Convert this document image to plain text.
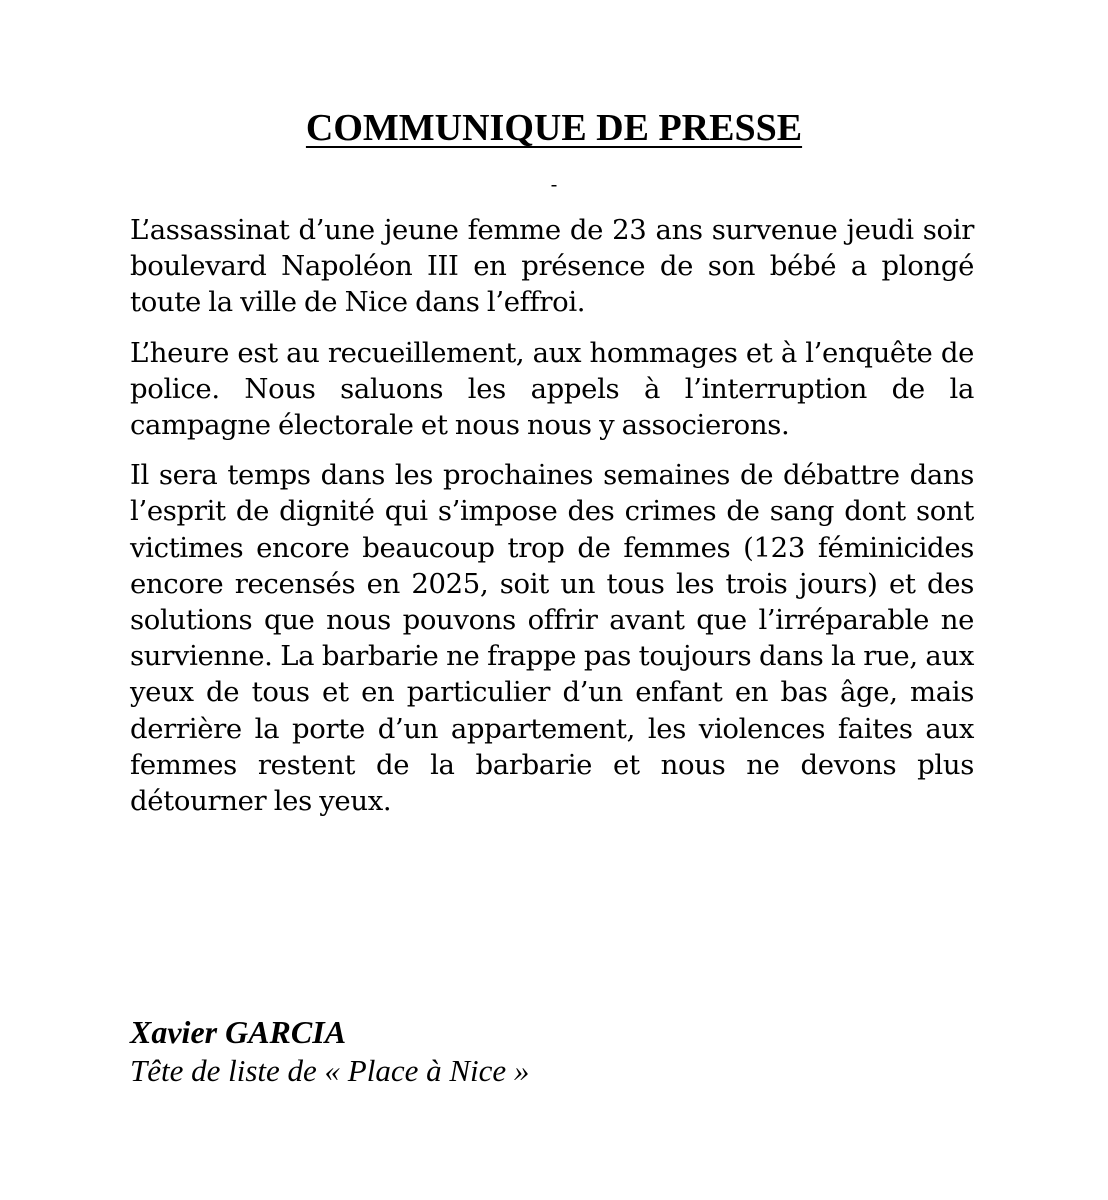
COMMUNIQUE DE PRESSE

-

L’assassinat d’une jeune femme de 23 ans survenue jeudi soir boulevard Napoléon III en présence de son bébé a plongé toute la ville de Nice dans l’effroi.

L’heure est au recueillement, aux hommages et à l’enquête de police. Nous saluons les appels à l’interruption de la campagne électorale et nous nous y associerons.

Il sera temps dans les prochaines semaines de débattre dans l’esprit de dignité qui s’impose des crimes de sang dont sont victimes encore beaucoup trop de femmes (123 féminicides encore recensés en 2025, soit un tous les trois jours) et des solutions que nous pouvons offrir avant que l’irréparable ne survienne. La barbarie ne frappe pas toujours dans la rue, aux yeux de tous et en particulier d’un enfant en bas âge, mais derrière la porte d’un appartement, les violences faites aux femmes restent de la barbarie et nous ne devons plus détourner les yeux.

Xavier GARCIA

Tête de liste de « Place à Nice »
